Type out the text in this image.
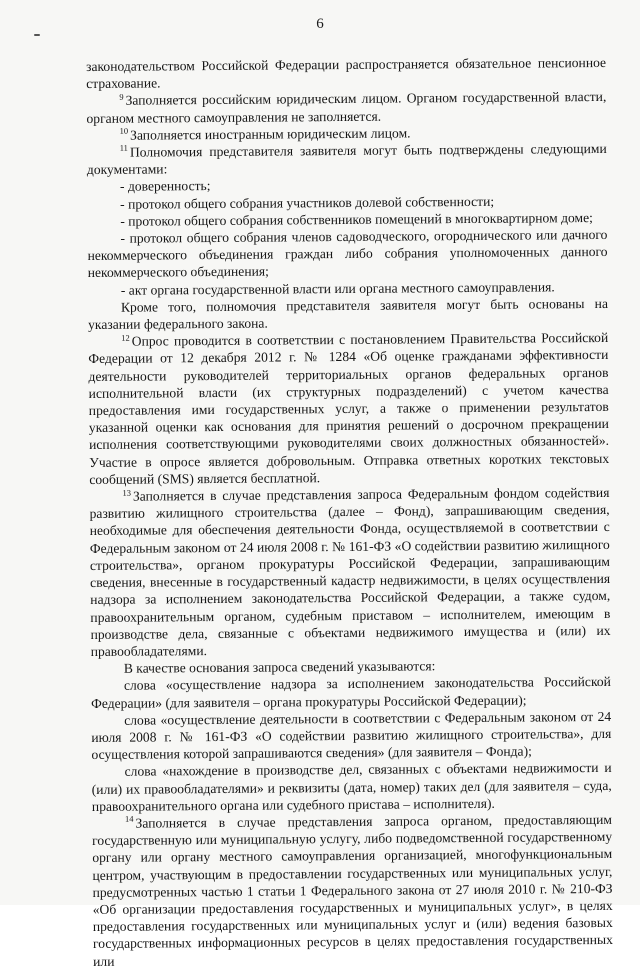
6

законодательством Российской Федерации распространяется обязательное пенсионное страхование.

$^9$ Заполняется российским юридическим лицом. Органом государственной власти, органом местного самоуправления не заполняется.

$^{10}$ Заполняется иностранным юридическим лицом.

$^{11}$ Полномочия представителя заявителя могут быть подтверждены следующими документами:

- доверенность;

- протокол общего собрания участников долевой собственности;

- протокол общего собрания собственников помещений в многоквартирном доме;

- протокол общего собрания членов садоводческого, огороднического или дачного некоммерческого объединения граждан либо собрания уполномоченных данного некоммерческого объединения;

- акт органа государственной власти или органа местного самоуправления.

Кроме того, полномочия представителя заявителя могут быть основаны на указании федерального закона.

$^{12}$ Опрос проводится в соответствии с постановлением Правительства Российской Федерации от 12 декабря 2012 г. № 1284 «Об оценке гражданами эффективности деятельности руководителей территориальных органов федеральных органов исполнительной власти (их структурных подразделений) с учетом качества предоставления ими государственных услуг, а также о применении результатов указанной оценки как основания для принятия решений о досрочном прекращении исполнения соответствующими руководителями своих должностных обязанностей». Участие в опросе является добровольным. Отправка ответных коротких текстовых сообщений (SMS) является бесплатной.

$^{13}$ Заполняется в случае представления запроса Федеральным фондом содействия развитию жилищного строительства (далее – Фонд), запрашивающим сведения, необходимые для обеспечения деятельности Фонда, осуществляемой в соответствии с Федеральным законом от 24 июля 2008 г. № 161-ФЗ «О содействии развитию жилищного строительства», органом прокуратуры Российской Федерации, запрашивающим сведения, внесенные в государственный кадастр недвижимости, в целях осуществления надзора за исполнением законодательства Российской Федерации, а также судом, правоохранительным органом, судебным приставом – исполнителем, имеющим в производстве дела, связанные с объектами недвижимого имущества и (или) их правообладателями.

В качестве основания запроса сведений указываются:

слова «осуществление надзора за исполнением законодательства Российской Федерации» (для заявителя – органа прокуратуры Российской Федерации);

слова «осуществление деятельности в соответствии с Федеральным законом от 24 июля 2008 г. № 161-ФЗ «О содействии развитию жилищного строительства», для осуществления которой запрашиваются сведения» (для заявителя – Фонда);

слова «нахождение в производстве дел, связанных с объектами недвижимости и (или) их правообладателями» и реквизиты (дата, номер) таких дел (для заявителя – суда, правоохранительного органа или судебного пристава – исполнителя).

$^{14}$ Заполняется в случае представления запроса органом, предоставляющим государственную или муниципальную услугу, либо подведомственной государственному органу или органу местного самоуправления организацией, многофункциональным центром, участвующим в предоставлении государственных или муниципальных услуг, предусмотренных частью 1 статьи 1 Федерального закона от 27 июля 2010 г. № 210-ФЗ «Об организации предоставления государственных и муниципальных услуг», в целях предоставления государственных или муниципальных услуг и (или) ведения базовых государственных информационных ресурсов в целях предоставления государственных или
